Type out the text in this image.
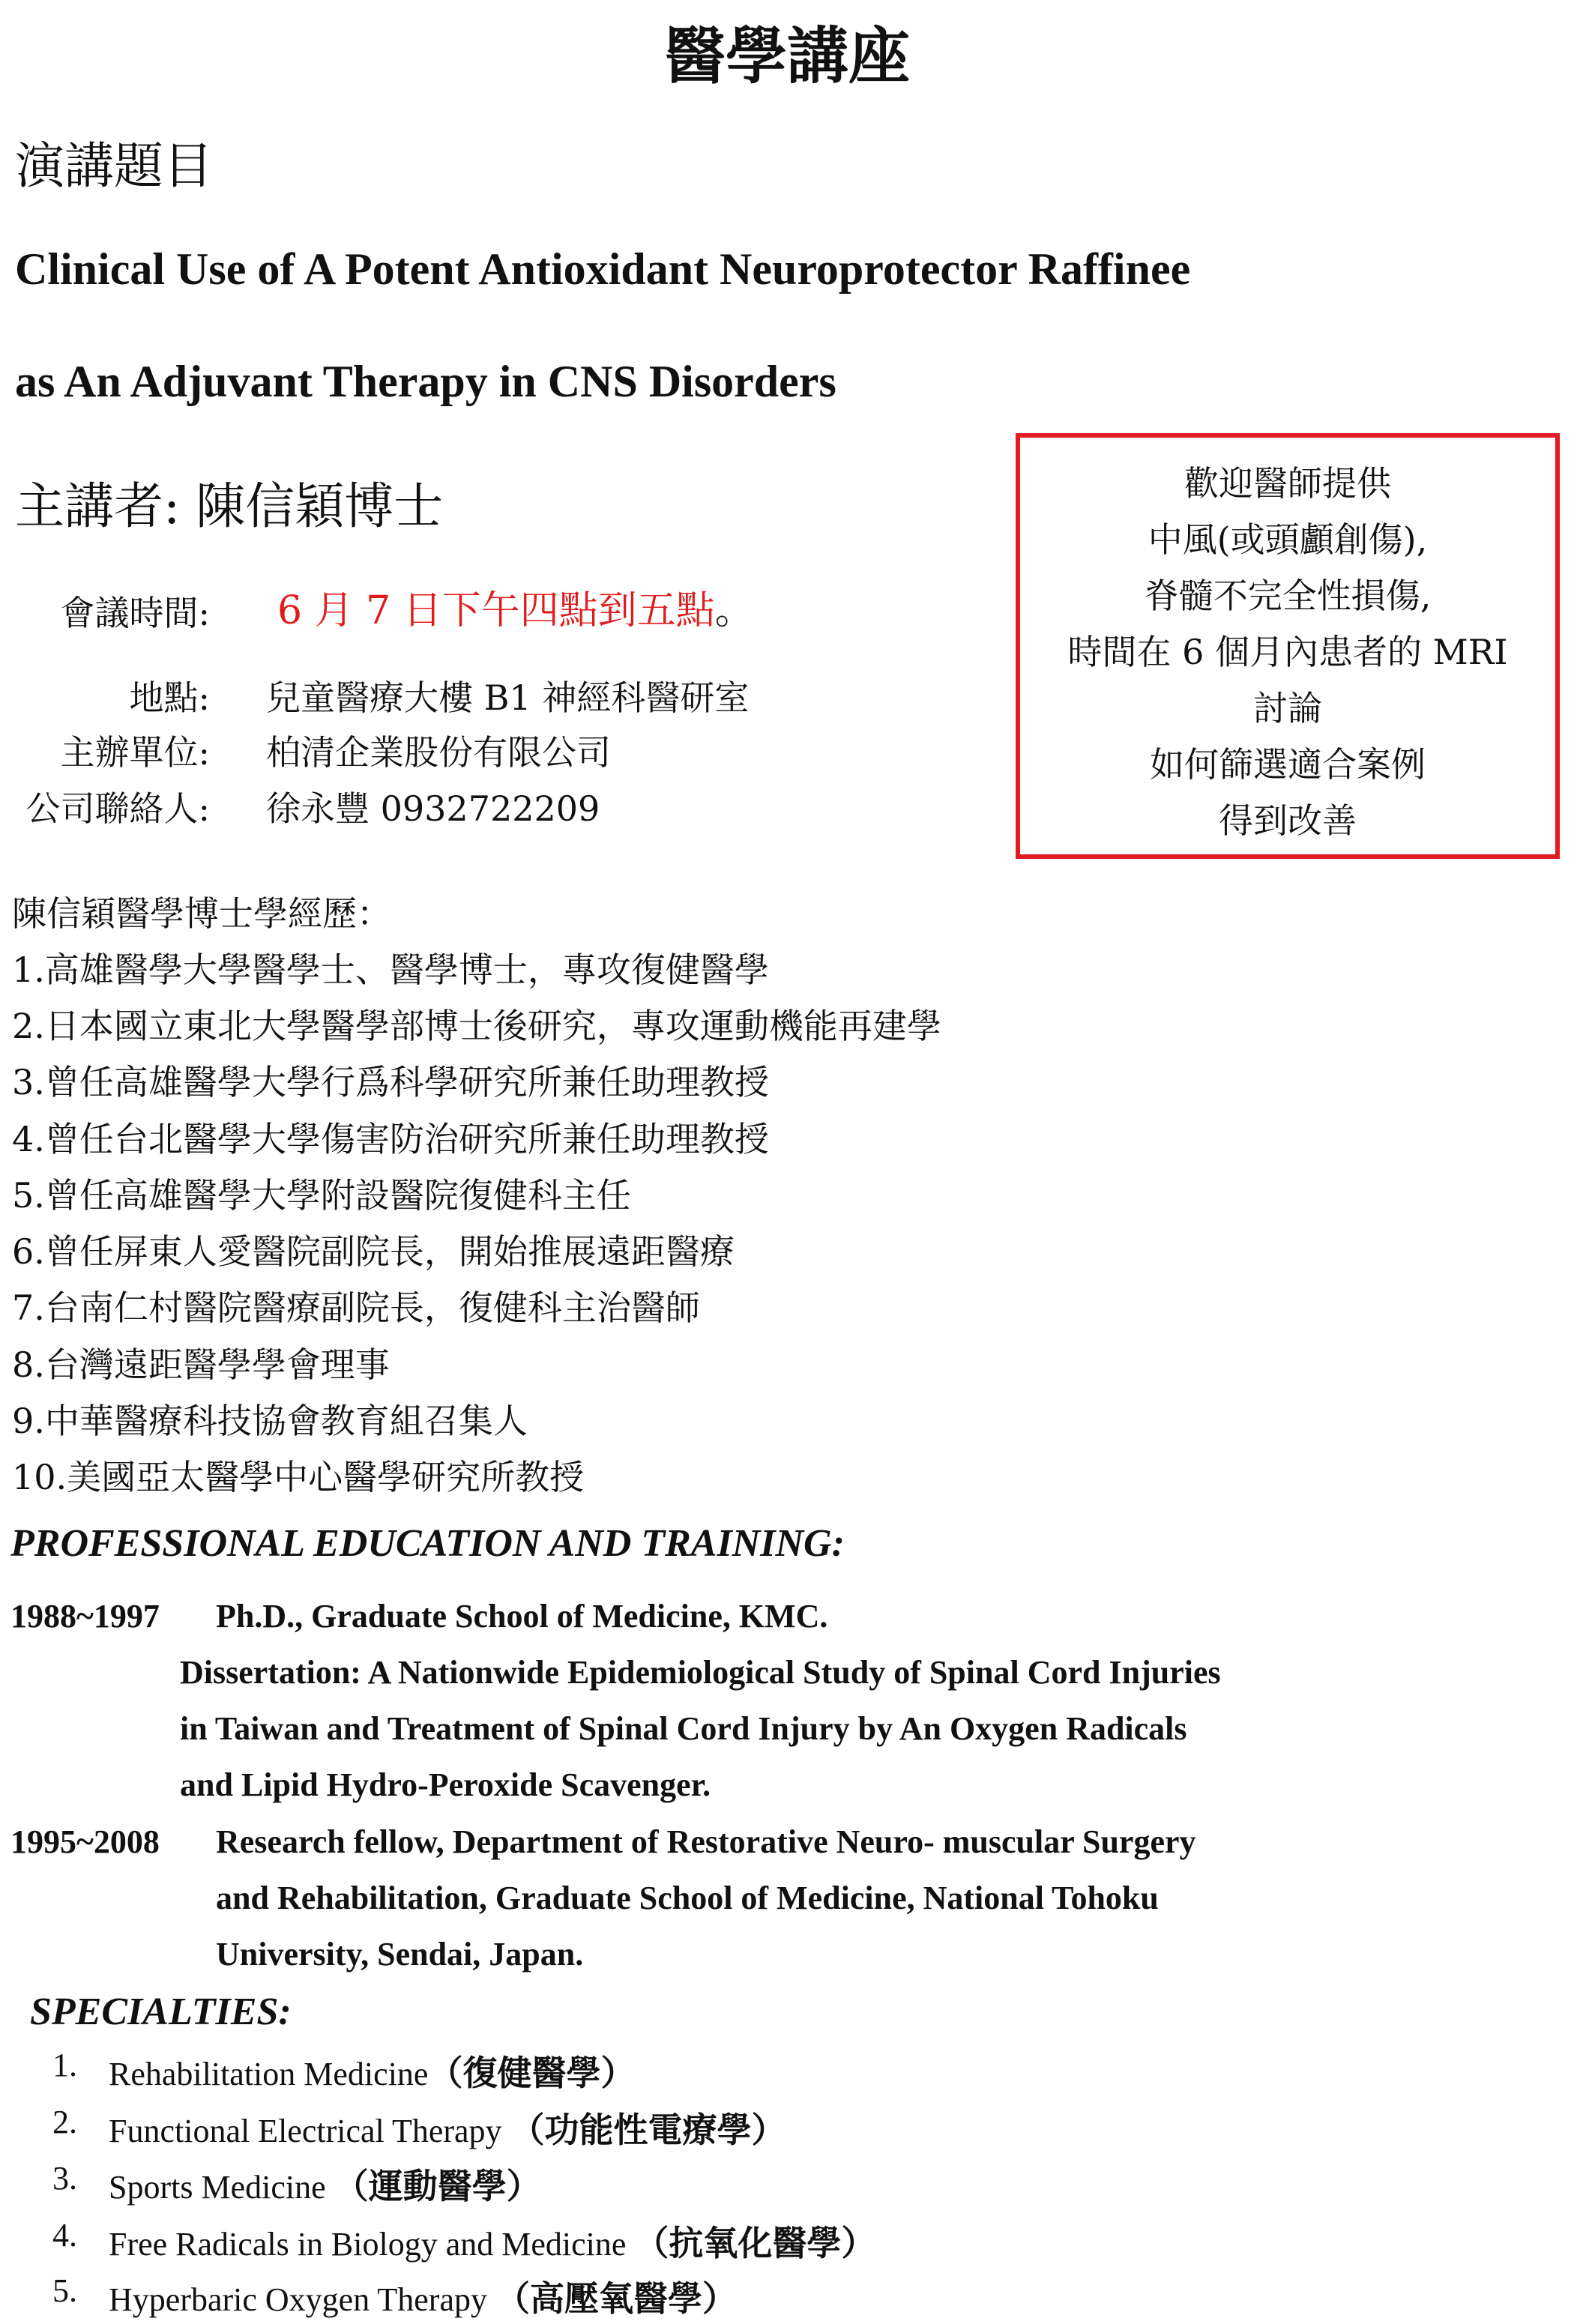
醫學講座
演講題目
Clinical Use of A Potent Antioxidant Neuroprotector Raffinee
as An Adjuvant Therapy in CNS Disorders
主講者: 陳信穎博士
會議時間: 6 月 7 日下午四點到五點。
地點: 兒童醫療大樓 B1 神經科醫研室
主辦單位: 柏清企業股份有限公司
公司聯絡人: 徐永豐 0932722209
歡迎醫師提供
中風(或頭顱創傷),
脊髓不完全性損傷,
時間在 6 個月內患者的 MRI
討論
如何篩選適合案例
得到改善
陳信穎醫學博士學經歷：
1.高雄醫學大學醫學士、醫學博士，專攻復健醫學
2.日本國立東北大學醫學部博士後研究，專攻運動機能再建學
3.曾任高雄醫學大學行爲科學研究所兼任助理教授
4.曾任台北醫學大學傷害防治研究所兼任助理教授
5.曾任高雄醫學大學附設醫院復健科主任
6.曾任屏東人愛醫院副院長，開始推展遠距醫療
7.台南仁村醫院醫療副院長，復健科主治醫師
8.台灣遠距醫學學會理事
9.中華醫療科技協會教育組召集人
10.美國亞太醫學中心醫學研究所教授
PROFESSIONAL EDUCATION AND TRAINING:
1988~1997 Ph.D., Graduate School of Medicine, KMC.
Dissertation: A Nationwide Epidemiological Study of Spinal Cord Injuries
in Taiwan and Treatment of Spinal Cord Injury by An Oxygen Radicals
and Lipid Hydro-Peroxide Scavenger.
1995~2008 Research fellow, Department of Restorative Neuro- muscular Surgery
and Rehabilitation, Graduate School of Medicine, National Tohoku
University, Sendai, Japan.
SPECIALTIES:
1. Rehabilitation Medicine（復健醫學）
2. Functional Electrical Therapy （功能性電療學）
3. Sports Medicine （運動醫學）
4. Free Radicals in Biology and Medicine （抗氧化醫學）
5. Hyperbaric Oxygen Therapy （高壓氧醫學）
